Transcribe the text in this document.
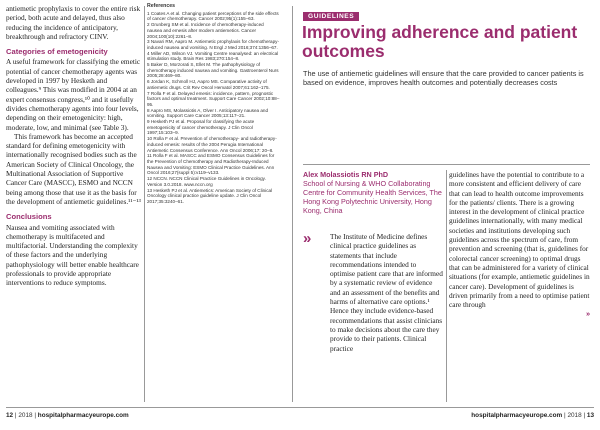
antiemetic prophylaxis to cover the entire risk period, both acute and delayed, thus also reducing the incidence of anticipatory, breakthrough and refractory CINV.

Categories of emetogenicity

A useful framework for classifying the emetic potential of cancer chemotherapy agents was developed in 1997 by Hesketh and colleagues.⁹ This was modified in 2004 at an expert consensus congress,¹⁰ and it usefully divides chemotherapy agents into four levels, depending on their emetogenicity: high, moderate, low, and minimal (see Table 3).

This framework has become an accepted standard for defining emetogenicity with internationally recognised bodies such as the American Society of Clinical Oncology, the Multinational Association of Supportive Cancer Care (MASCC), ESMO and NCCN being among those that use it as the basis for the development of antiemetic guidelines.¹¹⁻¹³

Conclusions

Nausea and vomiting associated with chemotherapy is multifaceted and multifactorial. Understanding the complexity of these factors and the underlying pathophysiology will better enable healthcare professionals to provide appropriate interventions to reduce symptoms.

References

1 Coates A et al. Changing patient perceptions of the side effects of cancer chemotherapy. Cancer 2002;95(1):155–63.

2 Grunberg SM et al. Incidence of chemotherapy-induced nausea and emesis after modern antiemetics. Cancer 2004;100(10):2261–8.

3 Navari RM, Aapro M. Antiemetic prophylaxis for chemotherapy-induced nausea and vomiting. N Engl J Med 2016;374:1356–67.

4 Miller AD, Wilson VJ. Vomiting Centre reanalysed: an electrical stimulation study. Brain Res 1983;270:154–8.

5 Baker D, Morzorati S, Ellet M. The pathophysiology of chemotherapy induced nausea and vomiting. Gastroenterol Nurs 2005;28:469–80.

6 Jordan K, Schmoll HJ, Aapro MS. Comparative activity of antiemetic drugs. Crit Rev Oncol Hematol 2007;61:162–175.

7 Rolla F et al. Delayed emesis: incidence, pattern, prognostic factors and optimal treatment. Support Care Cancer 2002;10:88–95.

8 Aapro MS, Molassiotis A, Olver I. Anticipatory nausea and vomiting. Support Care Cancer 2005;13:117–21.

9 Hesketh PJ et al. Proposal for classifying the acute emetogenicity of cancer chemotherapy. J Clin Oncol 1997;15:103–9.

10 Rolla F et al. Prevention of chemotherapy- and radiotherapy-induced emesis: results of the 2004 Perugia International Antiemetic Consensus Conference. Ann Oncol 2006;17: 20–8.

11 Rolla F et al. MASCC and ESMO Consensus Guidelines for the Prevention of Chemotherapy and Radiotherapy-Induced Nausea and Vomiting: ESMO Clinical Practice Guidelines. Ann Oncol 2016;27(suppl 5):v119–v133.

12 NCCN. NCCN Clinical Practice Guidelines in Oncology. Version 3.0.2018. www.nccn.org

13 Hesketh PJ et al. Antiemetics: American Society of Clinical Oncology clinical practice guideline update. J Clin Oncol 2017;35:3240–61.

GUIDELINES
Improving adherence and patient outcomes
The use of antiemetic guidelines will ensure that the care provided to cancer patients is based on evidence, improves health outcomes and potentially decreases costs
Alex Molassiotis RN PhD
School of Nursing & WHO Collaborating Centre for Community Health Services, The Hong Kong Polytechnic University, Hong Kong, China
»	The Institute of Medicine defines clinical practice guidelines as statements that include recommendations intended to optimise patient care that are informed by a systematic review of evidence and an assessment of the benefits and harms of alternative care options.¹ Hence they include evidence-based recommendations that assist clinicians to make decisions about the care they provide to their patients. Clinical practice

guidelines have the potential to contribute to a more consistent and efficient delivery of care that can lead to health outcome improvements for the patients/ clients. There is a growing interest in the development of clinical practice guidelines internationally, with many medical societies and institutions developing such guidelines across the spectrum of care, from prevention and screening (that is, guidelines for colorectal cancer screening) to optimal drugs that can be administered for a variety of clinical situations (for example, antiemetic guidelines in cancer care). Development of guidelines is driven primarily from a need to optimise patient care through

»
12 | 2018 | hospitalpharmacyeurope.com	hospitalpharmacyeurope.com | 2018 | 13
